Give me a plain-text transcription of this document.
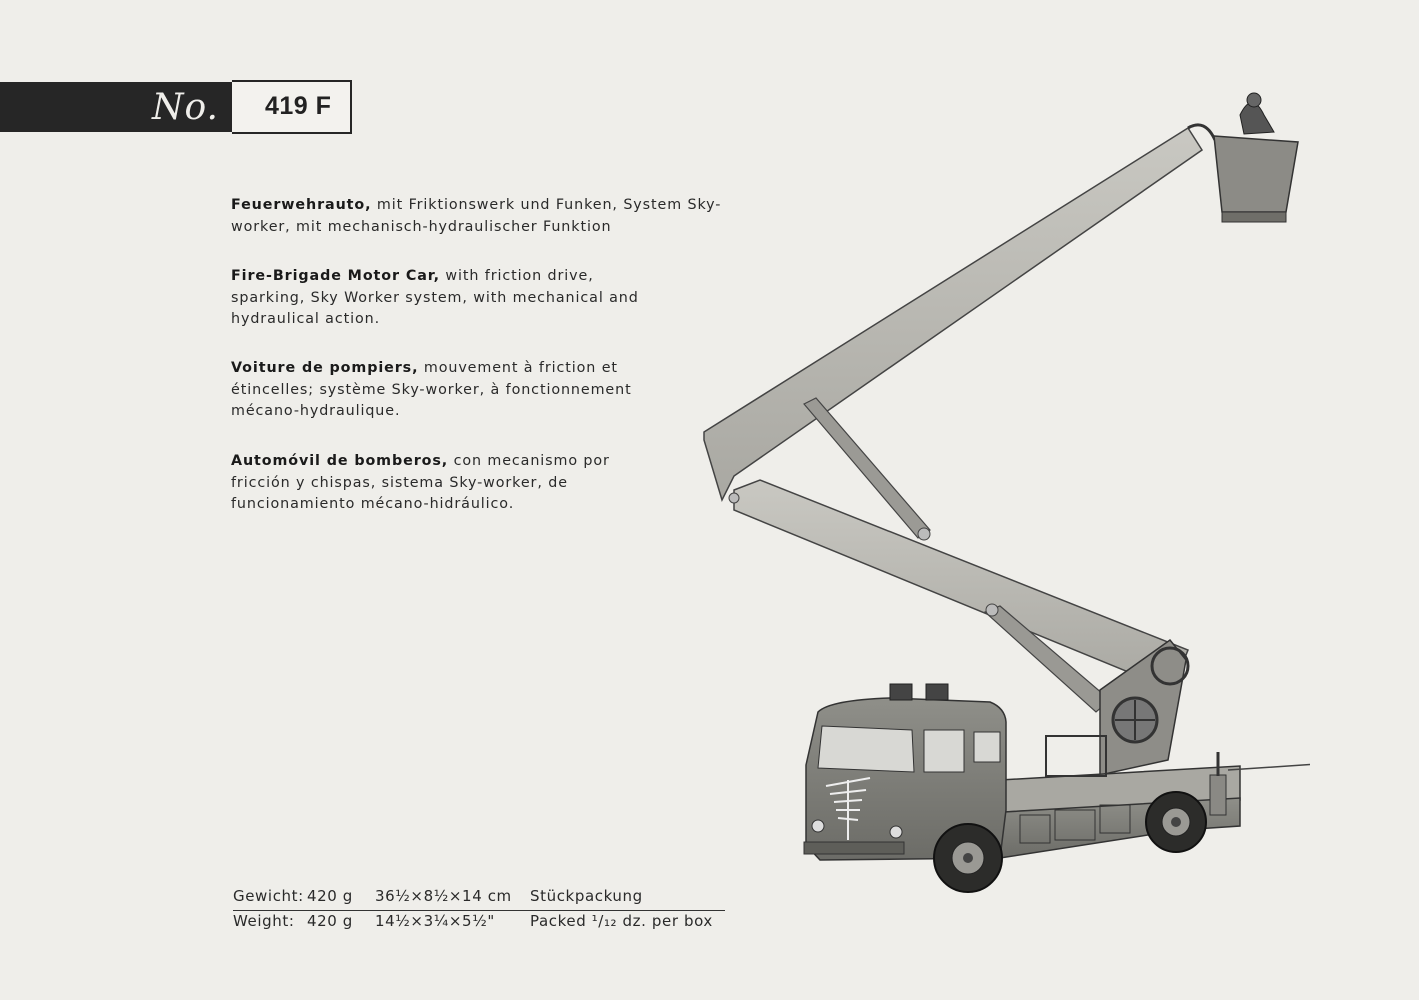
No. 419 F
Feuerwehrauto, mit Friktionswerk und Funken, System Sky-worker, mit mechanisch-hydraulischer Funktion
Fire-Brigade Motor Car, with friction drive, sparking, Sky Worker system, with mechanical and hydraulical action.
Voiture de pompiers, mouvement à friction et étincelles; système Sky-worker, à fonctionnement mécano-hydraulique.
Automóvil de bomberos, con mecanismo por fricción y chispas, sistema Sky-worker, de funcionamiento mécano-hidráulico.
Gewicht: 420 g 36½×8½×14 cm Stückpackung
Weight: 420 g 14½×3¼×5½" Packed ¹/₁₂ dz. per box
